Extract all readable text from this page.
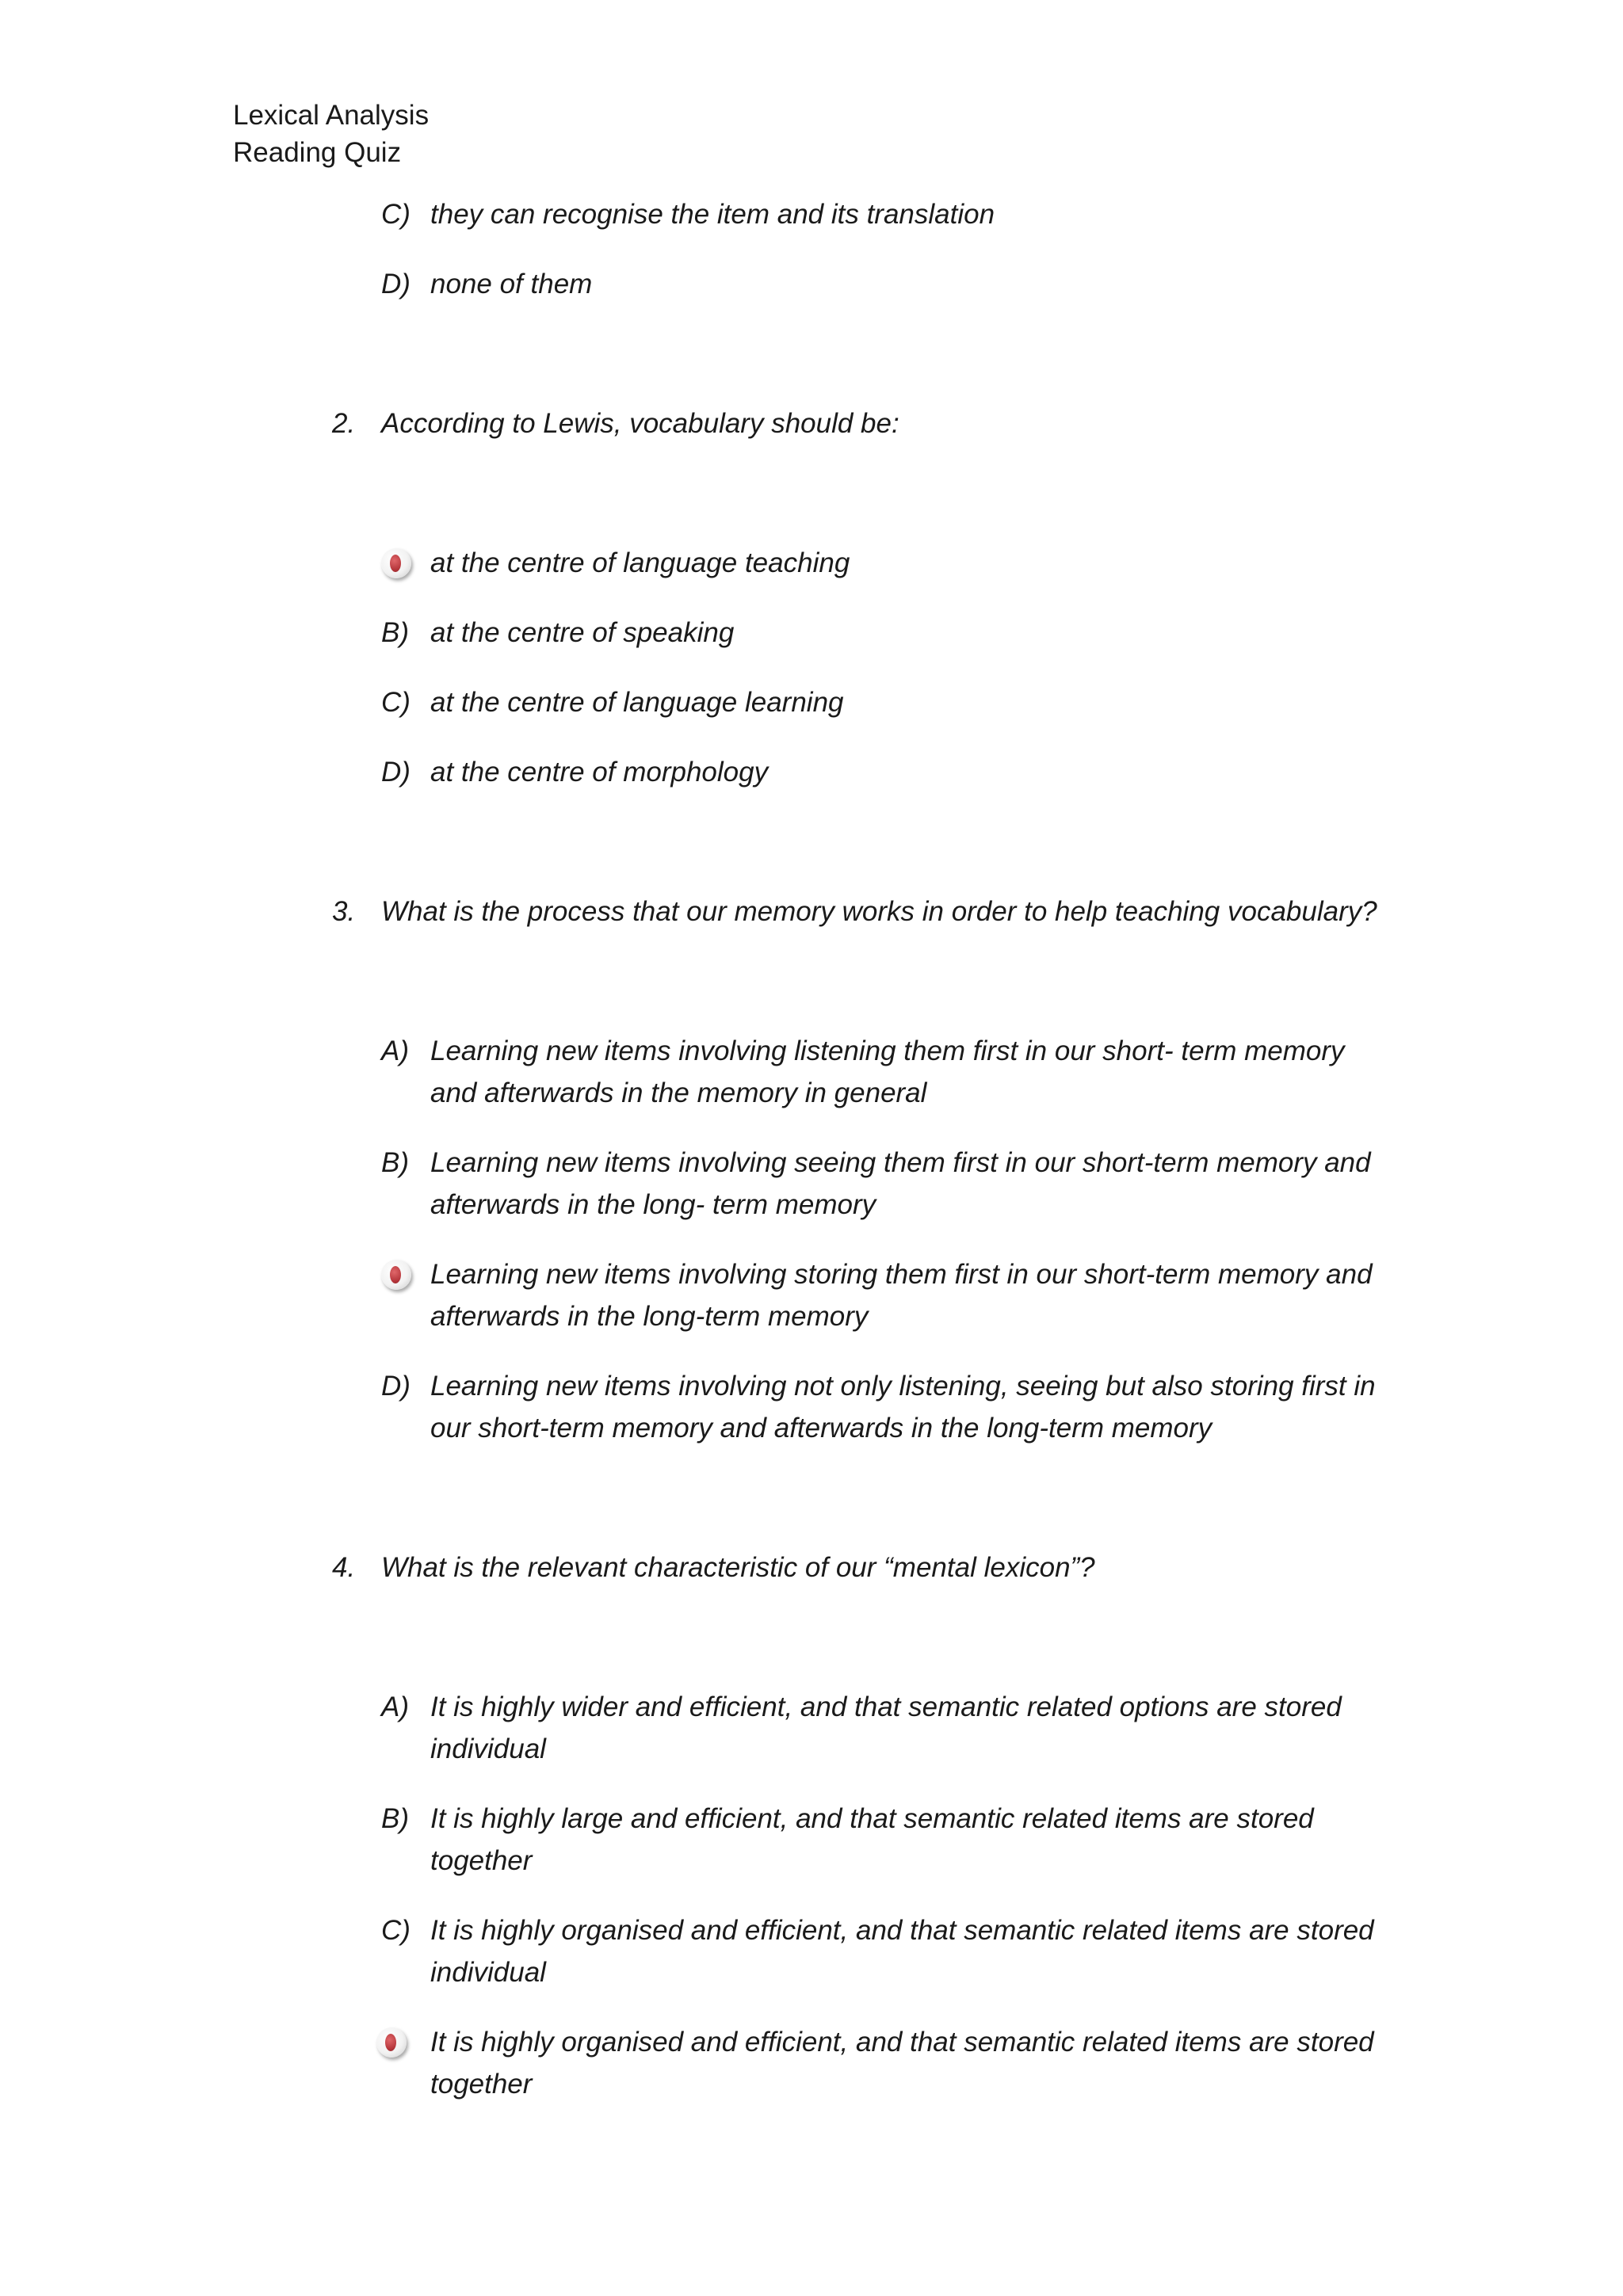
Lexical Analysis
Reading Quiz
C) they can recognise the item and its translation
D) none of them
2. According to Lewis, vocabulary should be:
at the centre of language teaching
B) at the centre of speaking
C) at the centre of language learning
D) at the centre of morphology
3. What is the process that our memory works in order to help teaching vocabulary?
A) Learning new items involving listening them first in our short- term memory
and afterwards in the memory in general
B) Learning new items involving seeing them first in our short-term memory and
afterwards in the long- term memory
Learning new items involving storing them first in our short-term memory and
afterwards in the long-term memory
D) Learning new items involving not only listening, seeing but also storing first in
our short-term memory and afterwards in the long-term memory
4. What is the relevant characteristic of our “mental lexicon”?
A) It is highly wider and efficient, and that semantic related options are stored
individual
B) It is highly large and efficient, and that semantic related items are stored
together
C) It is highly organised and efficient, and that semantic related items are stored
individual
It is highly organised and efficient, and that semantic related items are stored
together
